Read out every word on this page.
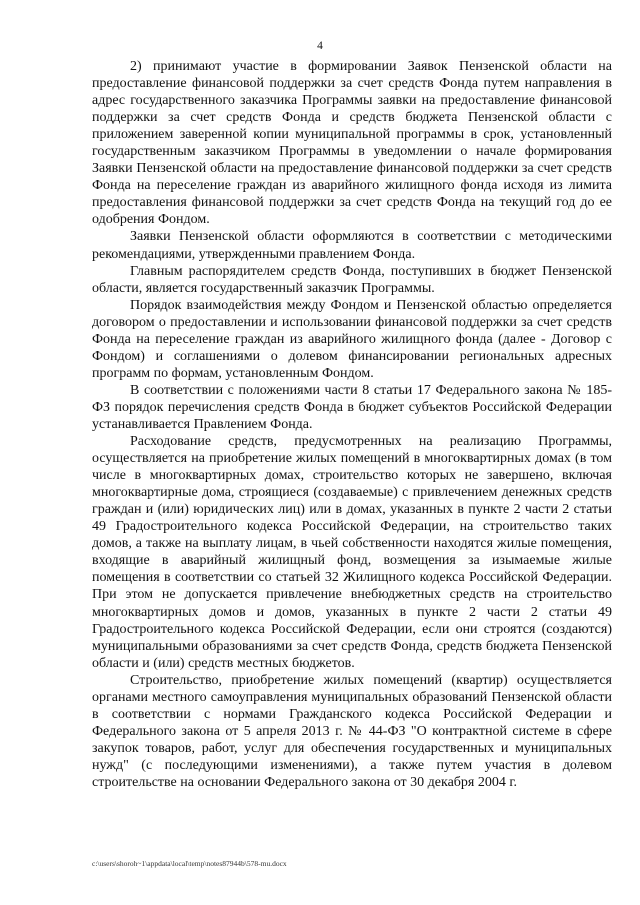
4

2) принимают участие в формировании Заявок Пензенской области на предоставление финансовой поддержки за счет средств Фонда путем направления в адрес государственного заказчика Программы заявки на предоставление финансовой поддержки за счет средств Фонда и средств бюджета Пензенской области с приложением заверенной копии муниципальной программы в срок, установленный государственным заказчиком Программы в уведомлении о начале формирования Заявки Пензенской области на предоставление финансовой поддержки за счет средств Фонда на переселение граждан из аварийного жилищного фонда исходя из лимита предоставления финансовой поддержки за счет средств Фонда на текущий год до ее одобрения Фондом.

Заявки Пензенской области оформляются в соответствии с методическими рекомендациями, утвержденными правлением Фонда.

Главным распорядителем средств Фонда, поступивших в бюджет Пензенской области, является государственный заказчик Программы.

Порядок взаимодействия между Фондом и Пензенской областью определяется договором о предоставлении и использовании финансовой поддержки за счет средств Фонда на переселение граждан из аварийного жилищного фонда (далее - Договор с Фондом) и соглашениями о долевом финансировании региональных адресных программ по формам, установленным Фондом.

В соответствии с положениями части 8 статьи 17 Федерального закона № 185-ФЗ порядок перечисления средств Фонда в бюджет субъектов Российской Федерации устанавливается Правлением Фонда.

Расходование средств, предусмотренных на реализацию Программы, осуществляется на приобретение жилых помещений в многоквартирных домах (в том числе в многоквартирных домах, строительство которых не завершено, включая многоквартирные дома, строящиеся (создаваемые) с привлечением денежных средств граждан и (или) юридических лиц) или в домах, указанных в пункте 2 части 2 статьи 49 Градостроительного кодекса Российской Федерации, на строительство таких домов, а также на выплату лицам, в чьей собственности находятся жилые помещения, входящие в аварийный жилищный фонд, возмещения за изымаемые жилые помещения в соответствии со статьей 32 Жилищного кодекса Российской Федерации. При этом не допускается привлечение внебюджетных средств на строительство многоквартирных домов и домов, указанных в пункте 2 части 2 статьи 49 Градостроительного кодекса Российской Федерации, если они строятся (создаются) муниципальными образованиями за счет средств Фонда, средств бюджета Пензенской области и (или) средств местных бюджетов.

Строительство, приобретение жилых помещений (квартир) осуществляется органами местного самоуправления муниципальных образований Пензенской области в соответствии с нормами Гражданского кодекса Российской Федерации и Федерального закона от 5 апреля 2013 г. № 44-ФЗ "О контрактной системе в сфере закупок товаров, работ, услуг для обеспечения государственных и муниципальных нужд" (с последующими изменениями), а также путем участия в долевом строительстве на основании Федерального закона от 30 декабря 2004 г.

c:\users\shoroh~1\appdata\local\temp\notes87944b\578-mu.docx
